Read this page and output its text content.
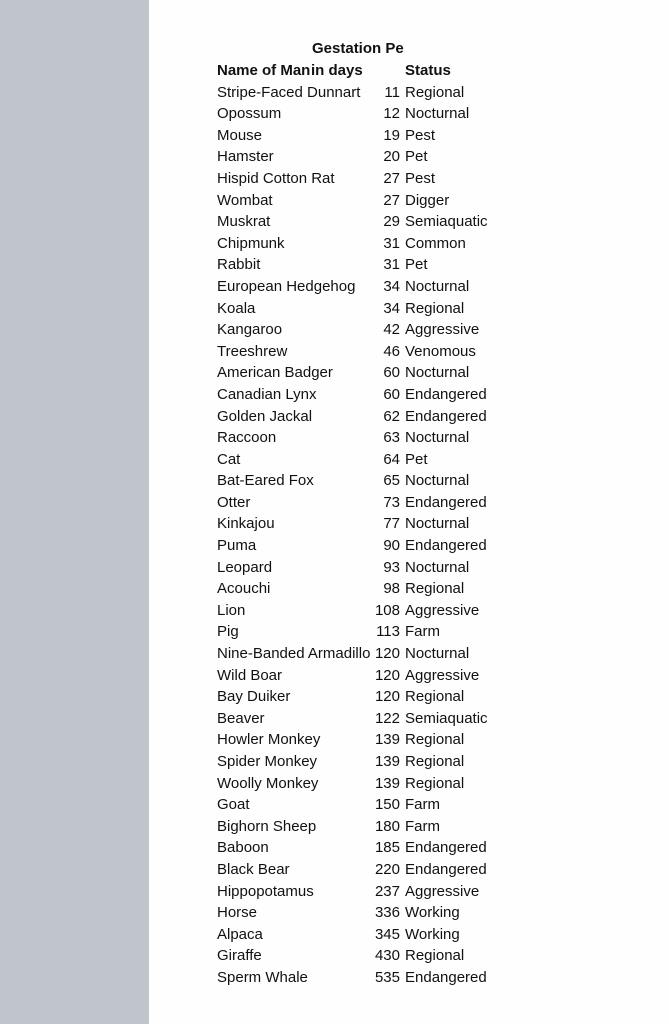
Gestation Pe
Name of Man in days	Status
Stripe-Faced Dunnart	11 Regional
Opossum	12 Nocturnal
Mouse	19 Pest
Hamster	20 Pet
Hispid Cotton Rat	27 Pest
Wombat	27 Digger
Muskrat	29 Semiaquatic
Chipmunk	31 Common
Rabbit	31 Pet
European Hedgehog	34 Nocturnal
Koala	34 Regional
Kangaroo	42 Aggressive
Treeshrew	46 Venomous
American Badger	60 Nocturnal
Canadian Lynx	60 Endangered
Golden Jackal	62 Endangered
Raccoon	63 Nocturnal
Cat	64 Pet
Bat-Eared Fox	65 Nocturnal
Otter	73 Endangered
Kinkajou	77 Nocturnal
Puma	90 Endangered
Leopard	93 Nocturnal
Acouchi	98 Regional
Lion	108 Aggressive
Pig	113 Farm
Nine-Banded Armadillo 120 Nocturnal
Wild Boar	120 Aggressive
Bay Duiker	120 Regional
Beaver	122 Semiaquatic
Howler Monkey	139 Regional
Spider Monkey	139 Regional
Woolly Monkey	139 Regional
Goat	150 Farm
Bighorn Sheep	180 Farm
Baboon	185 Endangered
Black Bear	220 Endangered
Hippopotamus	237 Aggressive
Horse	336 Working
Alpaca	345 Working
Giraffe	430 Regional
Sperm Whale	535 Endangered
